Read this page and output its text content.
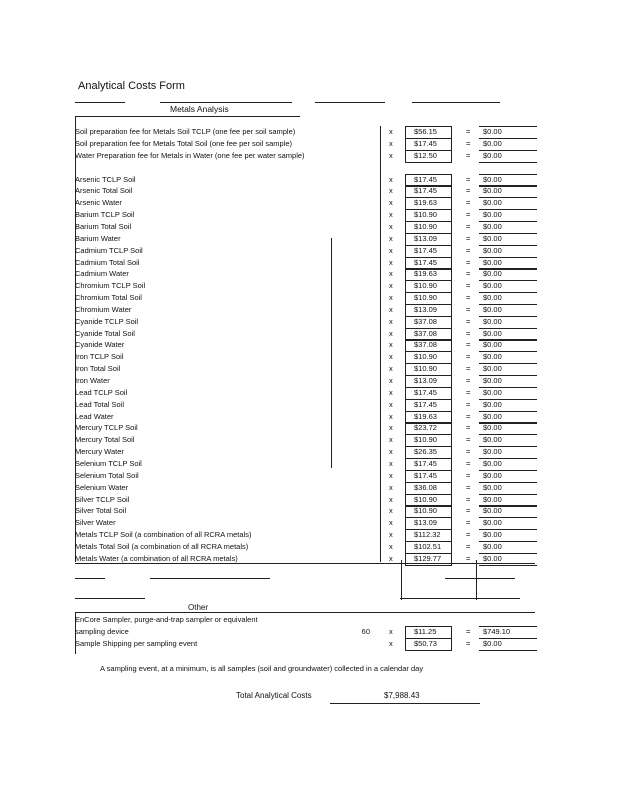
Analytical Costs Form
Metals Analysis
Soil preparation fee for Metals Soil TCLP (one fee per soil sample)	x	$56.15	= $0.00
Soil preparation fee for Metals Total Soil (one fee per soil sample)	x	$17.45	= $0.00
Water Preparation fee for Metals in Water (one fee per water sample)	x	$12.50	= $0.00
Arsenic TCLP Soil	x	$17.45	= $0.00
Arsenic Total Soil	x	$17.45	= $0.00
Arsenic Water	x	$19.63	= $0.00
Barium TCLP Soil	x	$10.90	= $0.00
Barium Total Soil	x	$10.90	= $0.00
Barium Water	x	$13.09	= $0.00
Cadmium TCLP Soil	x	$17.45	= $0.00
Cadmium Total Soil	x	$17.45	= $0.00
Cadmium Water	x	$19.63	= $0.00
Chromium TCLP Soil	x	$10.90	= $0.00
Chromium Total Soil	x	$10.90	= $0.00
Chromium Water	x	$13.09	= $0.00
Cyanide TCLP Soil	x	$37.08	= $0.00
Cyanide Total Soil	x	$37.08	= $0.00
Cyanide Water	x	$37.08	= $0.00
Iron TCLP Soil	x	$10.90	= $0.00
Iron Total Soil	x	$10.90	= $0.00
Iron Water	x	$13.09	= $0.00
Lead TCLP Soil	x	$17.45	= $0.00
Lead Total Soil	x	$17.45	= $0.00
Lead Water	x	$19.63	= $0.00
Mercury TCLP Soil	x	$23.72	= $0.00
Mercury Total Soil	x	$10.90	= $0.00
Mercury Water	x	$26.35	= $0.00
Selenium TCLP Soil	x	$17.45	= $0.00
Selenium Total Soil	x	$17.45	= $0.00
Selenium Water	x	$36.08	= $0.00
Silver TCLP Soil	x	$10.90	= $0.00
Silver Total Soil	x	$10.90	= $0.00
Silver Water	x	$13.09	= $0.00
Metals TCLP Soil (a combination of all RCRA metals)	x	$112.32	= $0.00
Metals Total Soil (a combination of all RCRA metals)	x	$102.51	= $0.00
Metals Water (a combination of all RCRA metals)	x	$129.77	= $0.00
Other
EnCore Sampler, purge-and-trap sampler or equivalent
sampling device	60	x	$11.25	= $749.10
Sample Shipping per sampling event	x	$50.73	= $0.00
A sampling event, at a minimum, is all samples (soil and groundwater) collected in a calendar day
Total Analytical Costs	$7,988.43
